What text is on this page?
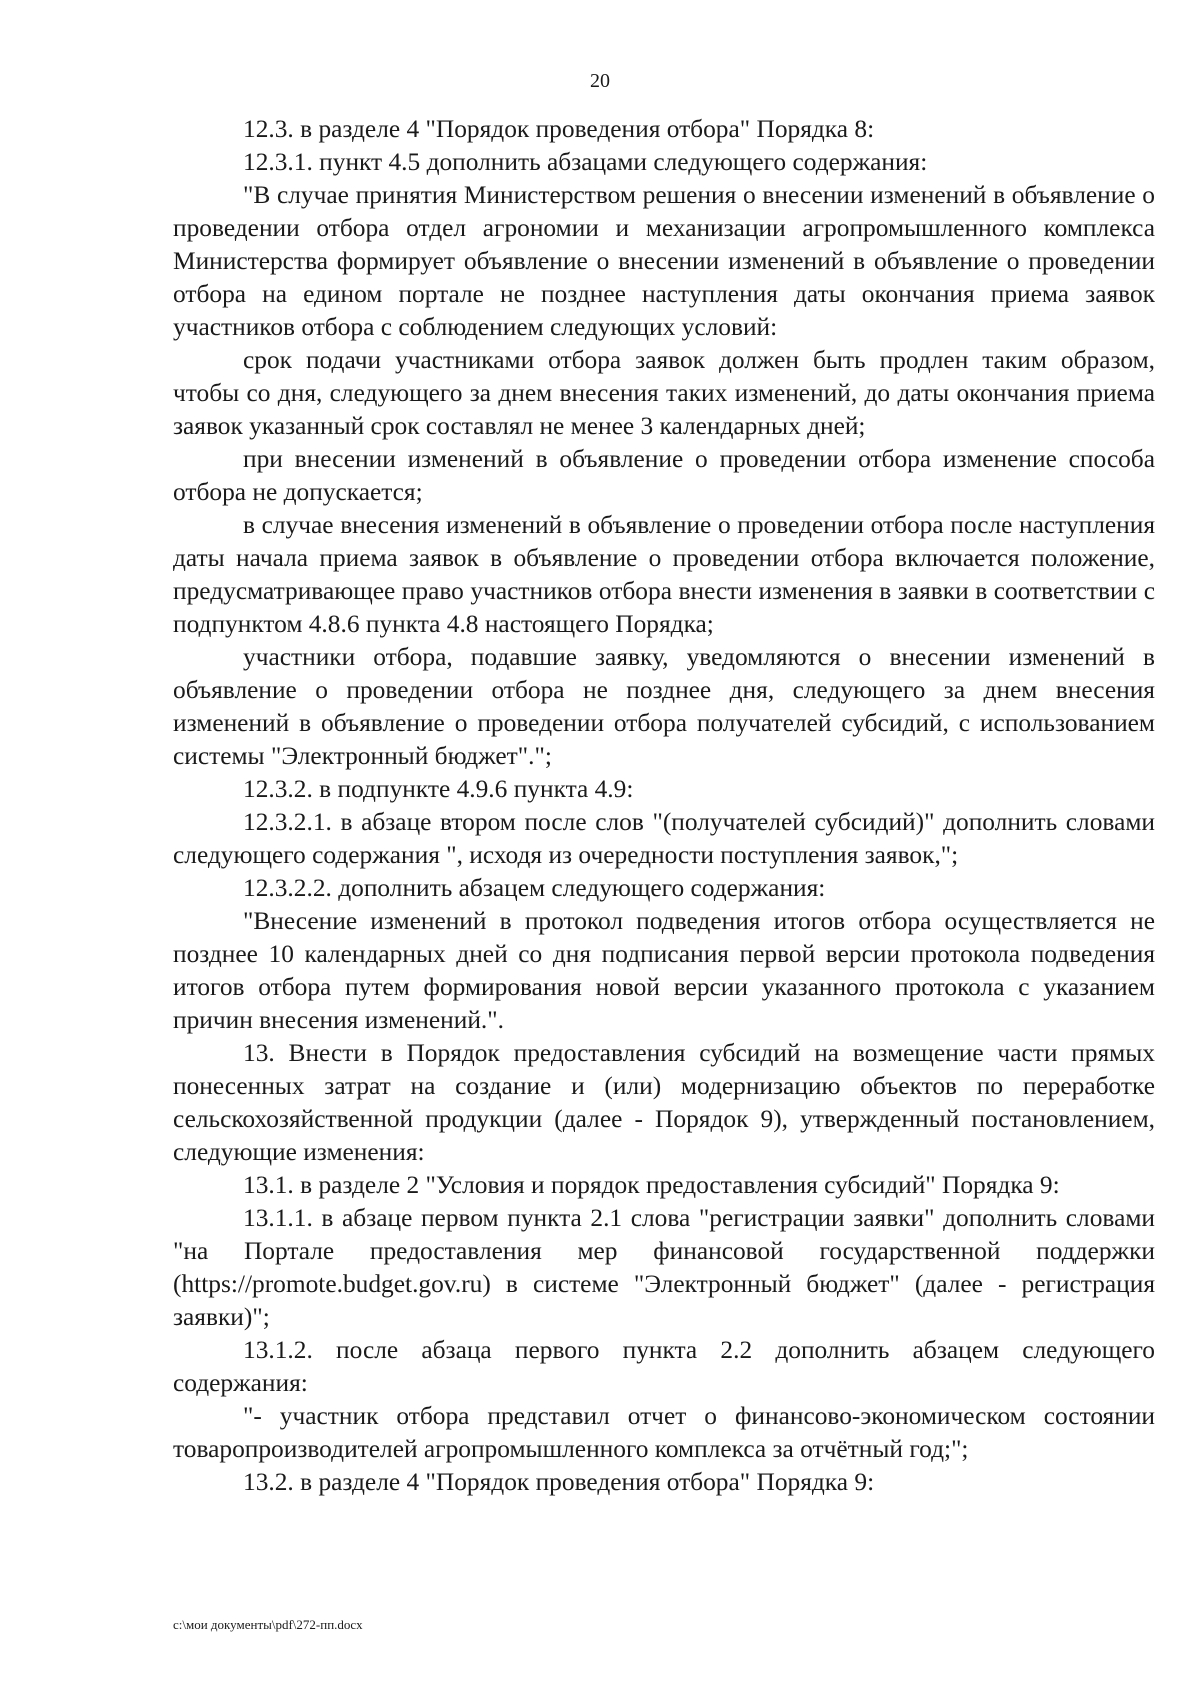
20

12.3. в разделе 4 "Порядок проведения отбора" Порядка 8:

12.3.1. пункт 4.5 дополнить абзацами следующего содержания:

"В случае принятия Министерством решения о внесении изменений в объявление о проведении отбора отдел агрономии и механизации агропромышленного комплекса Министерства формирует объявление о внесении изменений в объявление о проведении отбора на едином портале не позднее наступления даты окончания приема заявок участников отбора с соблюдением следующих условий:

срок подачи участниками отбора заявок должен быть продлен таким образом, чтобы со дня, следующего за днем внесения таких изменений, до даты окончания приема заявок указанный срок составлял не менее 3 календарных дней;

при внесении изменений в объявление о проведении отбора изменение способа отбора не допускается;

в случае внесения изменений в объявление о проведении отбора после наступления даты начала приема заявок в объявление о проведении отбора включается положение, предусматривающее право участников отбора внести изменения в заявки в соответствии с подпунктом 4.8.6 пункта 4.8 настоящего Порядка;

участники отбора, подавшие заявку, уведомляются о внесении изменений в объявление о проведении отбора не позднее дня, следующего за днем внесения изменений в объявление о проведении отбора получателей субсидий, с использованием системы "Электронный бюджет".";

12.3.2. в подпункте 4.9.6 пункта 4.9:

12.3.2.1. в абзаце втором после слов "(получателей субсидий)" дополнить словами следующего содержания ", исходя из очередности поступления заявок,";

12.3.2.2. дополнить абзацем следующего содержания:

"Внесение изменений в протокол подведения итогов отбора осуществляется не позднее 10 календарных дней со дня подписания первой версии протокола подведения итогов отбора путем формирования новой версии указанного протокола с указанием причин внесения изменений.".

13. Внести в Порядок предоставления субсидий на возмещение части прямых понесенных затрат на создание и (или) модернизацию объектов по переработке сельскохозяйственной продукции (далее - Порядок 9), утвержденный постановлением, следующие изменения:

13.1. в разделе 2 "Условия и порядок предоставления субсидий" Порядка 9:

13.1.1. в абзаце первом пункта 2.1 слова "регистрации заявки" дополнить словами "на Портале предоставления мер финансовой государственной поддержки (https://promote.budget.gov.ru) в системе "Электронный бюджет" (далее - регистрация заявки)";

13.1.2. после абзаца первого пункта 2.2 дополнить абзацем следующего содержания:

"- участник отбора представил отчет о финансово-экономическом состоянии товаропроизводителей агропромышленного комплекса за отчётный год;";

13.2. в разделе 4 "Порядок проведения отбора" Порядка 9:

c:\мои документы\pdf\272-пп.docx
